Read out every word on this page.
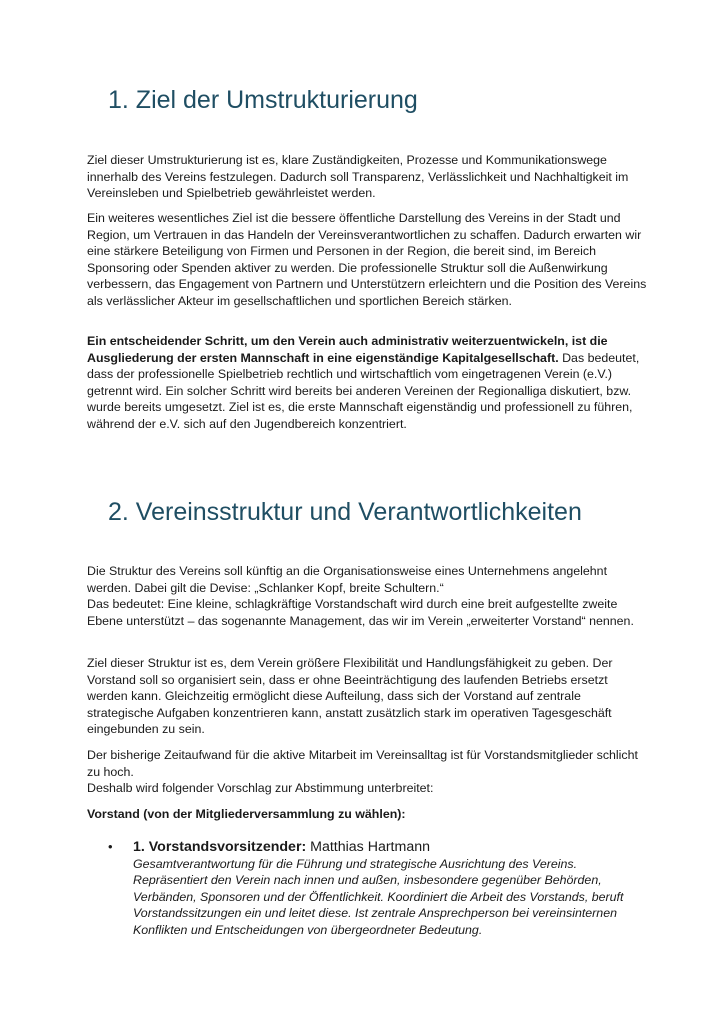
1. Ziel der Umstrukturierung

Ziel dieser Umstrukturierung ist es, klare Zuständigkeiten, Prozesse und Kommunikationswege innerhalb des Vereins festzulegen. Dadurch soll Transparenz, Verlässlichkeit und Nachhaltigkeit im Vereinsleben und Spielbetrieb gewährleistet werden.

Ein weiteres wesentliches Ziel ist die bessere öffentliche Darstellung des Vereins in der Stadt und Region, um Vertrauen in das Handeln der Vereinsverantwortlichen zu schaffen. Dadurch erwarten wir eine stärkere Beteiligung von Firmen und Personen in der Region, die bereit sind, im Bereich Sponsoring oder Spenden aktiver zu werden. Die professionelle Struktur soll die Außenwirkung verbessern, das Engagement von Partnern und Unterstützern erleichtern und die Position des Vereins als verlässlicher Akteur im gesellschaftlichen und sportlichen Bereich stärken.

Ein entscheidender Schritt, um den Verein auch administrativ weiterzuentwickeln, ist die Ausgliederung der ersten Mannschaft in eine eigenständige Kapitalgesellschaft. Das bedeutet, dass der professionelle Spielbetrieb rechtlich und wirtschaftlich vom eingetragenen Verein (e.V.) getrennt wird. Ein solcher Schritt wird bereits bei anderen Vereinen der Regionalliga diskutiert, bzw. wurde bereits umgesetzt. Ziel ist es, die erste Mannschaft eigenständig und professionell zu führen, während der e.V. sich auf den Jugendbereich konzentriert.

2. Vereinsstruktur und Verantwortlichkeiten

Die Struktur des Vereins soll künftig an die Organisationsweise eines Unternehmens angelehnt werden. Dabei gilt die Devise: „Schlanker Kopf, breite Schultern.“
Das bedeutet: Eine kleine, schlagkräftige Vorstandschaft wird durch eine breit aufgestellte zweite Ebene unterstützt – das sogenannte Management, das wir im Verein „erweiterter Vorstand“ nennen.

Ziel dieser Struktur ist es, dem Verein größere Flexibilität und Handlungsfähigkeit zu geben. Der Vorstand soll so organisiert sein, dass er ohne Beeinträchtigung des laufenden Betriebs ersetzt werden kann. Gleichzeitig ermöglicht diese Aufteilung, dass sich der Vorstand auf zentrale strategische Aufgaben konzentrieren kann, anstatt zusätzlich stark im operativen Tagesgeschäft eingebunden zu sein.

Der bisherige Zeitaufwand für die aktive Mitarbeit im Vereinsalltag ist für Vorstandsmitglieder schlicht zu hoch.
Deshalb wird folgender Vorschlag zur Abstimmung unterbreitet:

Vorstand (von der Mitgliederversammlung zu wählen):

• 1. Vorstandsvorsitzender: Matthias Hartmann
Gesamtverantwortung für die Führung und strategische Ausrichtung des Vereins. Repräsentiert den Verein nach innen und außen, insbesondere gegenüber Behörden, Verbänden, Sponsoren und der Öffentlichkeit. Koordiniert die Arbeit des Vorstands, beruft Vorstandssitzungen ein und leitet diese. Ist zentrale Ansprechperson bei vereinsinternen Konflikten und Entscheidungen von übergeordneter Bedeutung.
